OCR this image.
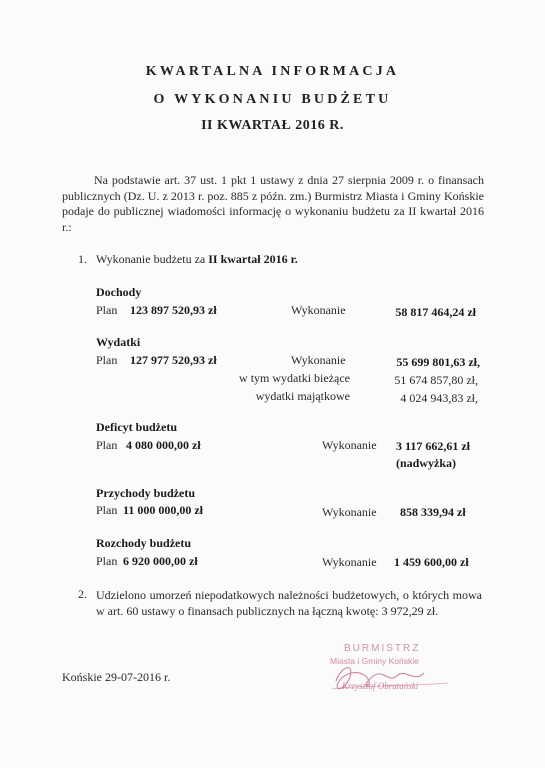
KWARTALNA INFORMACJA
O WYKONANIU BUDŻETU
II KWARTAŁ 2016 R.
Na podstawie art. 37 ust. 1 pkt 1 ustawy z dnia 27 sierpnia 2009 r. o finansach publicznych (Dz. U. z 2013 r. poz. 885 z późn. zm.) Burmistrz Miasta i Gminy Końskie podaje do publicznej wiadomości informację o wykonaniu budżetu za II kwartał 2016 r.:
1. Wykonanie budżetu za II kwartał 2016 r.
Dochody
Plan 123 897 520,93 zł	Wykonanie	58 817 464,24 zł
Wydatki
Plan 127 977 520,93 zł	Wykonanie	55 699 801,63 zł,
w tym wydatki bieżące	51 674 857,80 zł,
wydatki majątkowe	4 024 943,83 zł,
Deficyt budżetu
Plan 4 080 000,00 zł	Wykonanie 3 117 662,61 zł
(nadwyżka)
Przychody budżetu
Plan 11 000 000,00 zł	Wykonanie 858 339,94 zł
Rozchody budżetu
Plan 6 920 000,00 zł	Wykonanie 1 459 600,00 zł
2. Udzielono umorzeń niepodatkowych należności budżetowych, o których mowa w art. 60 ustawy o finansach publicznych na łączną kwotę: 3 972,29 zł.
Końskie 29-07-2016 r.
BURMISTRZ
Miasta i Gminy Końskie
Krzysztof Obratański
